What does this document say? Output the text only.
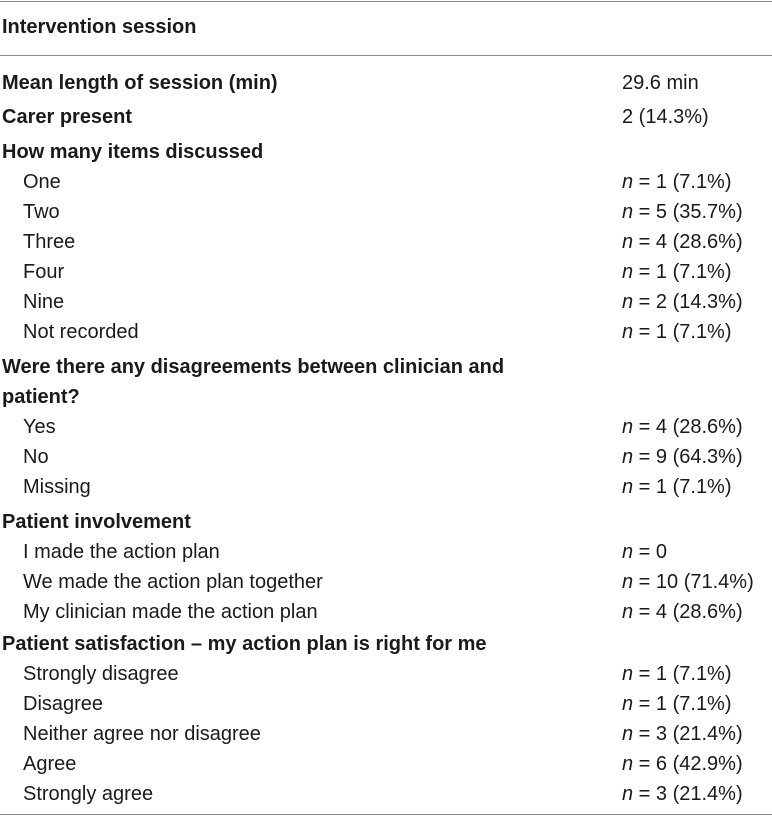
Intervention session
Mean length of session (min)	29.6 min
Carer present	2 (14.3%)
How many items discussed
One	n = 1 (7.1%)
Two	n = 5 (35.7%)
Three	n = 4 (28.6%)
Four	n = 1 (7.1%)
Nine	n = 2 (14.3%)
Not recorded	n = 1 (7.1%)
Were there any disagreements between clinician and
patient?
Yes	n = 4 (28.6%)
No	n = 9 (64.3%)
Missing	n = 1 (7.1%)
Patient involvement
I made the action plan	n = 0
We made the action plan together	n = 10 (71.4%)
My clinician made the action plan	n = 4 (28.6%)
Patient satisfaction – my action plan is right for me
Strongly disagree	n = 1 (7.1%)
Disagree	n = 1 (7.1%)
Neither agree nor disagree	n = 3 (21.4%)
Agree	n = 6 (42.9%)
Strongly agree	n = 3 (21.4%)
